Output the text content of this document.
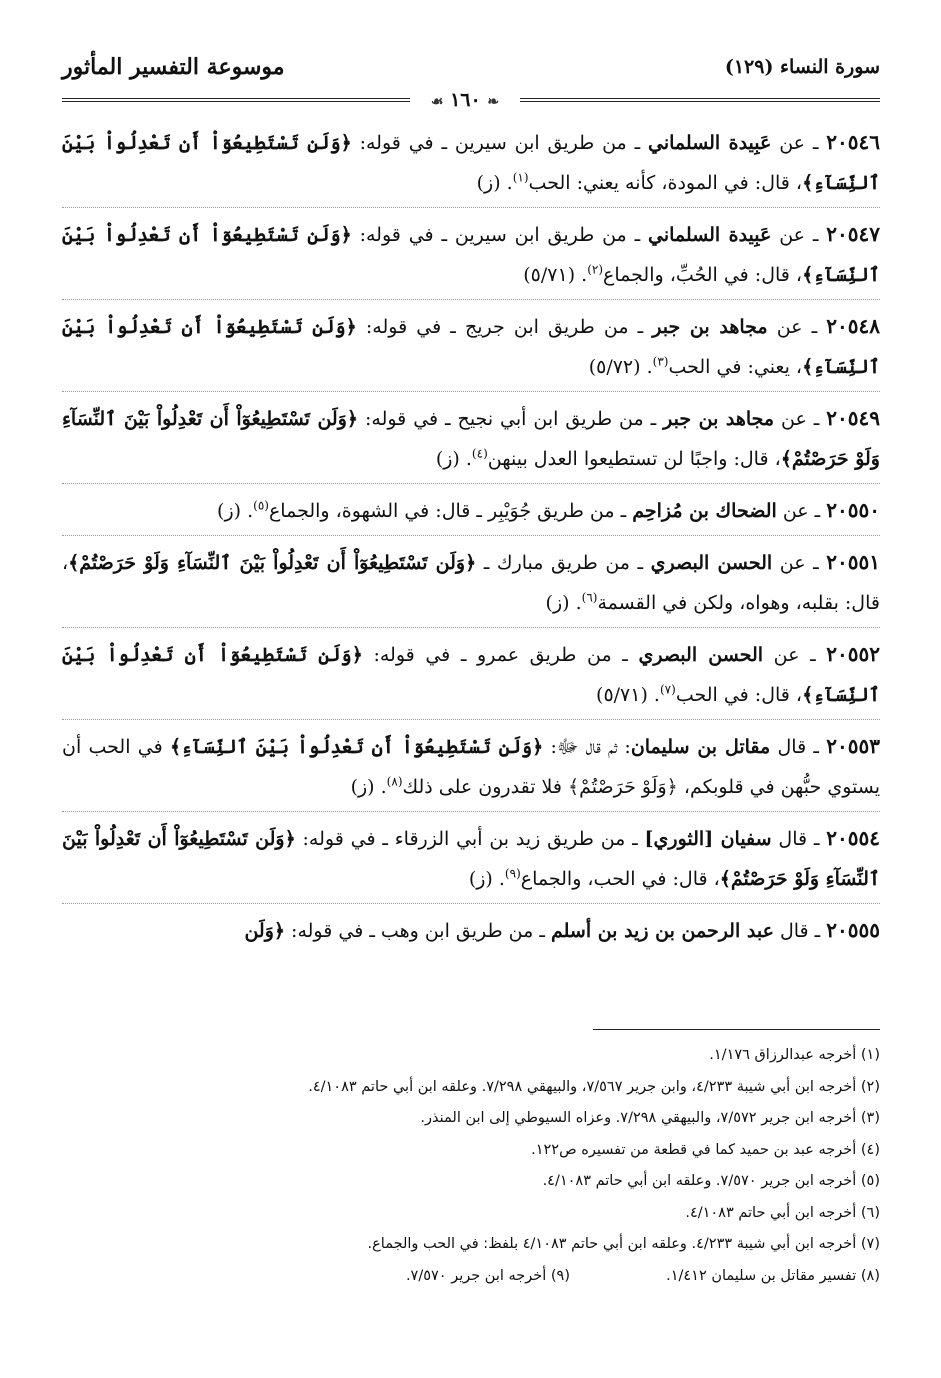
سورة النساء (١٢٩)
موسوعة التفسير المأثور
❧ ١٦٠ ☙
٢٠٥٤٦ ـ عن عَبِيدة السلماني ـ من طريق ابن سيرين ـ في قوله: ﴿وَلَن تَسْتَطِيعُوٓاْ أَن تَعْدِلُواْ بَيْنَ ٱلنِّسَآءِ﴾، قال: في المودة، كأنه يعني: الحب$^{(١)}$. (ز)
٢٠٥٤٧ ـ عن عَبِيدة السلماني ـ من طريق ابن سيرين ـ في قوله: ﴿وَلَن تَسْتَطِيعُوٓاْ أَن تَعْدِلُواْ بَيْنَ ٱلنِّسَآءِ﴾، قال: في الحُبِّ، والجماع$^{(٢)}$. (٥/٧١)
٢٠٥٤٨ ـ عن مجاهد بن جبر ـ من طريق ابن جريج ـ في قوله: ﴿وَلَن تَسْتَطِيعُوٓاْ أَن تَعْدِلُواْ بَيْنَ ٱلنِّسَآءِ﴾، يعني: في الحب$^{(٣)}$. (٥/٧٢)
٢٠٥٤٩ ـ عن مجاهد بن جبر ـ من طريق ابن أبي نجيح ـ في قوله: ﴿وَلَن تَسْتَطِيعُوٓاْ أَن تَعْدِلُواْ بَيْنَ ٱلنِّسَآءِ وَلَوْ حَرَصْتُمْ﴾، قال: واجبًا لن تستطيعوا العدل بينهن$^{(٤)}$. (ز)
٢٠٥٥٠ ـ عن الضحاك بن مُزاحِم ـ من طريق جُوَيْبِر ـ قال: في الشهوة، والجماع$^{(٥)}$. (ز)
٢٠٥٥١ ـ عن الحسن البصري ـ من طريق مبارك ـ ﴿وَلَن تَسْتَطِيعُوٓاْ أَن تَعْدِلُواْ بَيْنَ ٱلنِّسَآءِ وَلَوْ حَرَصْتُمْ﴾، قال: بقلبه، وهواه، ولكن في القسمة$^{(٦)}$. (ز)
٢٠٥٥٢ ـ عن الحسن البصري ـ من طريق عمرو ـ في قوله: ﴿وَلَن تَسْتَطِيعُوٓاْ أَن تَعْدِلُواْ بَيْنَ ٱلنِّسَآءِ﴾، قال: في الحب$^{(٧)}$. (٥/٧١)
٢٠٥٥٣ ـ قال مقاتل بن سليمان: ثم قال ﷻ: ﴿وَلَن تَسْتَطِيعُوٓاْ أَن تَعْدِلُواْ بَيْنَ ٱلنِّسَآءِ﴾ في الحب أن يستوي حبُّهن في قلوبكم، ﴿وَلَوْ حَرَصْتُمْ﴾ فلا تقدرون على ذلك$^{(٨)}$. (ز)
٢٠٥٥٤ ـ قال سفيان [الثوري] ـ من طريق زيد بن أبي الزرقاء ـ في قوله: ﴿وَلَن تَسْتَطِيعُوٓاْ أَن تَعْدِلُواْ بَيْنَ ٱلنِّسَآءِ وَلَوْ حَرَصْتُمْ﴾، قال: في الحب، والجماع$^{(٩)}$. (ز)
٢٠٥٥٥ ـ قال عبد الرحمن بن زيد بن أسلم ـ من طريق ابن وهب ـ في قوله: ﴿وَلَن
(١) أخرجه عبدالرزاق ١/١٧٦.
(٢) أخرجه ابن أبي شيبة ٤/٢٣٣، وابن جرير ٧/٥٦٧، والبيهقي ٧/٢٩٨. وعلقه ابن أبي حاتم ٤/١٠٨٣.
(٣) أخرجه ابن جرير ٧/٥٧٢، والبيهقي ٧/٢٩٨. وعزاه السيوطي إلى ابن المنذر.
(٤) أخرجه عبد بن حميد كما في قطعة من تفسيره ص١٢٢.
(٥) أخرجه ابن جرير ٧/٥٧٠. وعلقه ابن أبي حاتم ٤/١٠٨٣.
(٦) أخرجه ابن أبي حاتم ٤/١٠٨٣.
(٧) أخرجه ابن أبي شيبة ٤/٢٣٣. وعلقه ابن أبي حاتم ٤/١٠٨٣ بلفظ: في الحب والجماع.
(٨) تفسير مقاتل بن سليمان ١/٤١٢.
(٩) أخرجه ابن جرير ٧/٥٧٠.
